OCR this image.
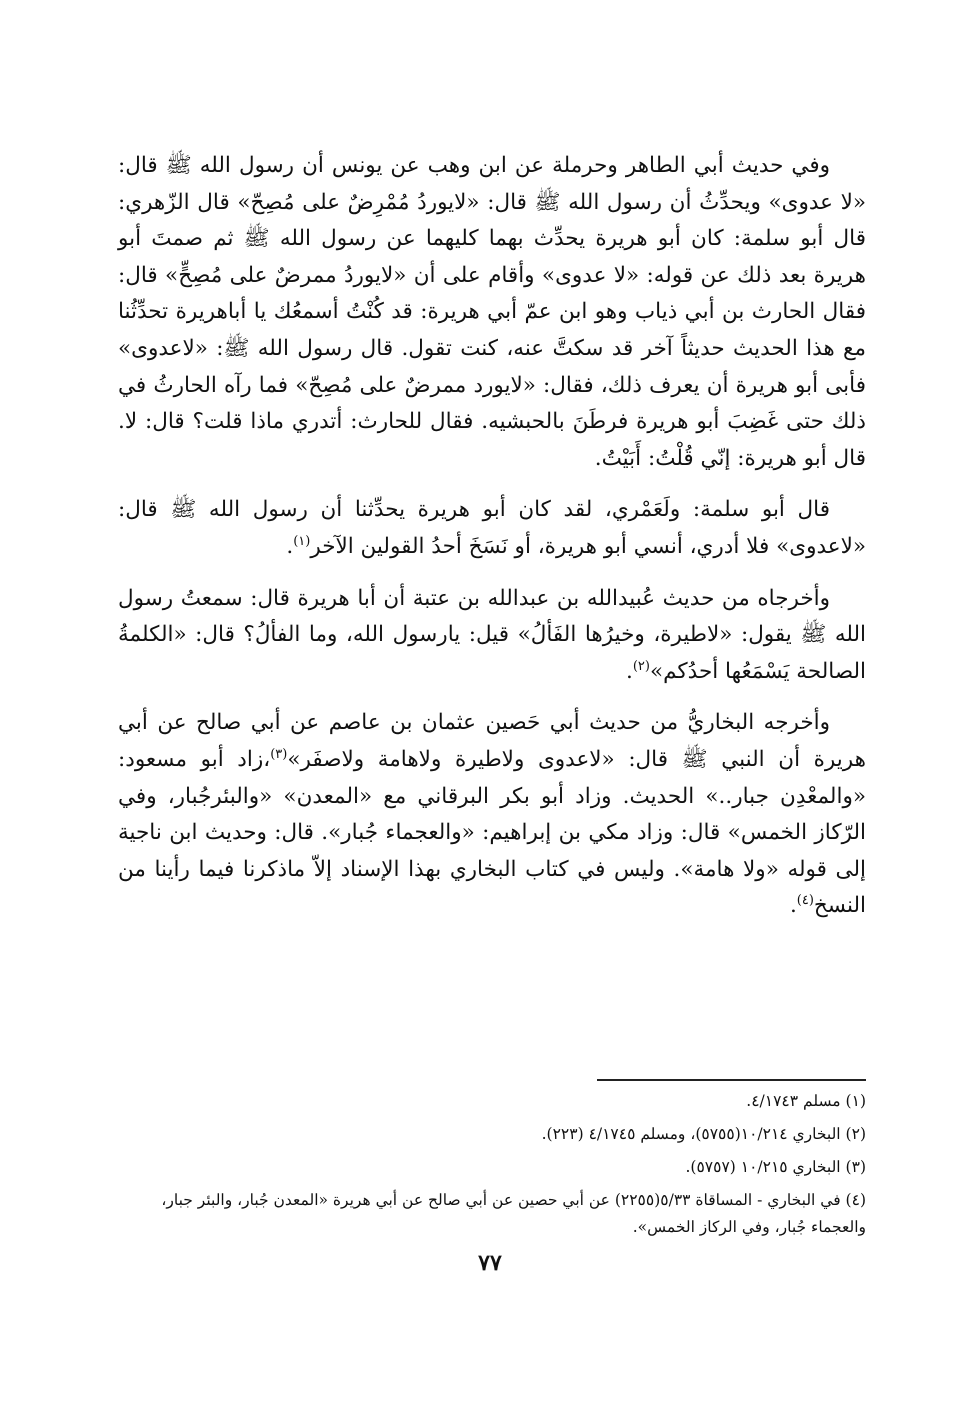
وفي حديث أبي الطاهر وحرملة عن ابن وهب عن يونس أن رسول الله ﷺ قال: «لا عدوى» ويحدِّثُ أن رسول الله ﷺ قال: «لايوردُ مُمْرِضٌ على مُصِحّ» قال الزّهري: قال أبو سلمة: كان أبو هريرة يحدِّث بهما كليهما عن رسول الله ﷺ ثم صمتَ أبو هريرة بعد ذلك عن قوله: «لا عدوى» وأقام على أن «لايوردُ ممرضٌ على مُصِحٍّ» قال: فقال الحارث بن أبي ذياب وهو ابن عمّ أبي هريرة: قد كُنْتُ أسمعُك يا أباهريرة تحدِّثُنا مع هذا الحديث حديثاً آخر قد سكتَّ عنه، كنت تقول. قال رسول الله ﷺ: «لاعدوى» فأبى أبو هريرة أن يعرف ذلك، فقال: «لايورد ممرضٌ على مُصِحّ» فما رآه الحارثُ في ذلك حتى غَضِبَ أبو هريرة فرطَنَ بالحبشيه. فقال للحارث: أتدري ماذا قلت؟ قال: لا. قال أبو هريرة: إنّي قُلْتُ: أَبَيْتُ.

قال أبو سلمة: ولَعَمْري، لقد كان أبو هريرة يحدِّثنا أن رسول الله ﷺ قال: «لاعدوى» فلا أدري، أنسي أبو هريرة، أو نَسَخَ أحدُ القولين الآخر$^{(١)}$.

وأخرجاه من حديث عُبيدالله بن عبدالله بن عتبة أن أبا هريرة قال: سمعتُ رسول الله ﷺ يقول: «لاطيرة، وخيرُها الفَألُ» قيل: يارسول الله، وما الفألُ؟ قال: «الكلمةُ الصالحة يَسْمَعُها أحدُكم»$^{(٢)}$.

وأخرجه البخاريُّ من حديث أبي حَصين عثمان بن عاصم عن أبي صالح عن أبي هريرة أن النبي ﷺ قال: «لاعدوى ولاطيرة ولاهامة ولاصفَر»$^{(٣)}$،زاد أبو مسعود: «والمعْدِن جبار..» الحديث. وزاد أبو بكر البرقاني مع «المعدن» «والبئرجُبار، وفي الرّكاز الخمس» قال: وزاد مكي بن إبراهيم: «والعجماء جُبار». قال: وحديث ابن ناجية إلى قوله «ولا هامة». وليس في كتاب البخاري بهذا الإسناد إلاّ ماذكرنا فيما رأينا من النسخ$^{(٤)}$.

(١) مسلم ٤/١٧٤٣.
(٢) البخاري ١٠/٢١٤(٥٧٥٥)، ومسلم ٤/١٧٤٥ (٢٢٣).
(٣) البخاري ١٠/٢١٥ (٥٧٥٧).
(٤) في البخاري - المساقاة ٥/٣٣(٢٢٥٥) عن أبي حصين عن أبي صالح عن أبي هريرة «المعدن جُبار، والبئر جبار، والعجماء جُبار، وفي الركاز الخمس».
٧٧
